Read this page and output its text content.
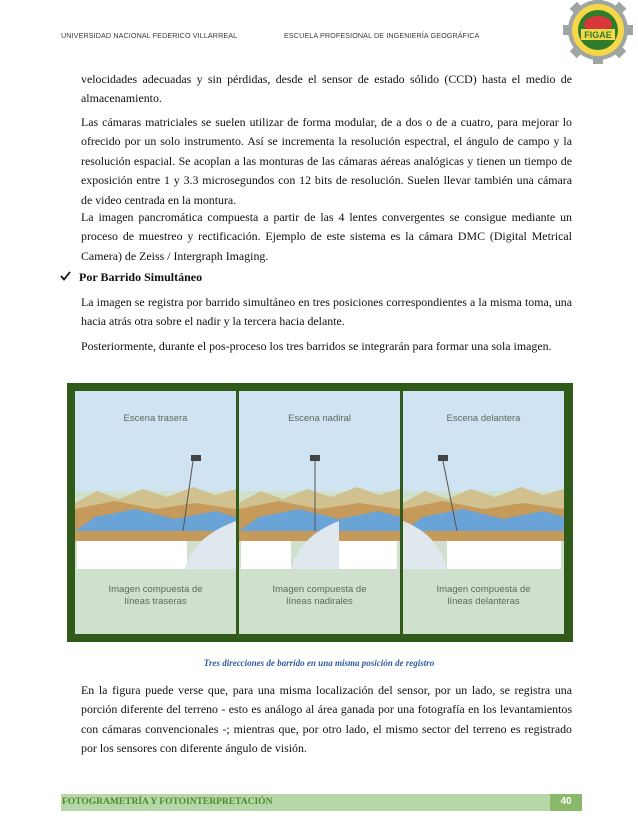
UNIVERSIDAD NACIONAL FEDERICO VILLARREAL	ESCUELA PROFESIONAL DE INGENIERÍA GEOGRÁFICA	FIGAE
velocidades adecuadas y sin pérdidas, desde el sensor de estado sólido (CCD) hasta el medio de almacenamiento.
Las cámaras matriciales se suelen utilizar de forma modular, de a dos o de a cuatro, para mejorar lo ofrecido por un solo instrumento. Así se incrementa la resolución espectral, el ángulo de campo y la resolución espacial. Se acoplan a las monturas de las cámaras aéreas analógicas y tienen un tiempo de exposición entre 1 y 3.3 microsegundos con 12 bits de resolución. Suelen llevar también una cámara de video centrada en la montura.
La imagen pancromática compuesta a partir de las 4 lentes convergentes se consigue mediante un proceso de muestreo y rectificación. Ejemplo de este sistema es la cámara DMC (Digital Metrical Camera) de Zeiss / Intergraph Imaging.
Por Barrido Simultáneo
La imagen se registra por barrido simultáneo en tres posiciones correspondientes a la misma toma, una hacia atrás otra sobre el nadir y la tercera hacia delante.
Posteriormente, durante el pos-proceso los tres barridos se integrarán para formar una sola imagen.
Escena trasera
Imagen compuesta de
líneas traseras
Escena nadiral
Imagen compuesta de
líneas nadirales
Escena delantera
Imagen compuesta de
líneas delanteras
Tres direcciones de barrido en una misma posición de registro
En la figura puede verse que, para una misma localización del sensor, por un lado, se registra una porción diferente del terreno - esto es análogo al área ganada por una fotografía en los levantamientos con cámaras convencionales -; mientras que, por otro lado, el mismo sector del terreno es registrado por los sensores con diferente ángulo de visión.
FOTOGRAMETRÍA Y FOTOINTERPRETACIÓN	40
